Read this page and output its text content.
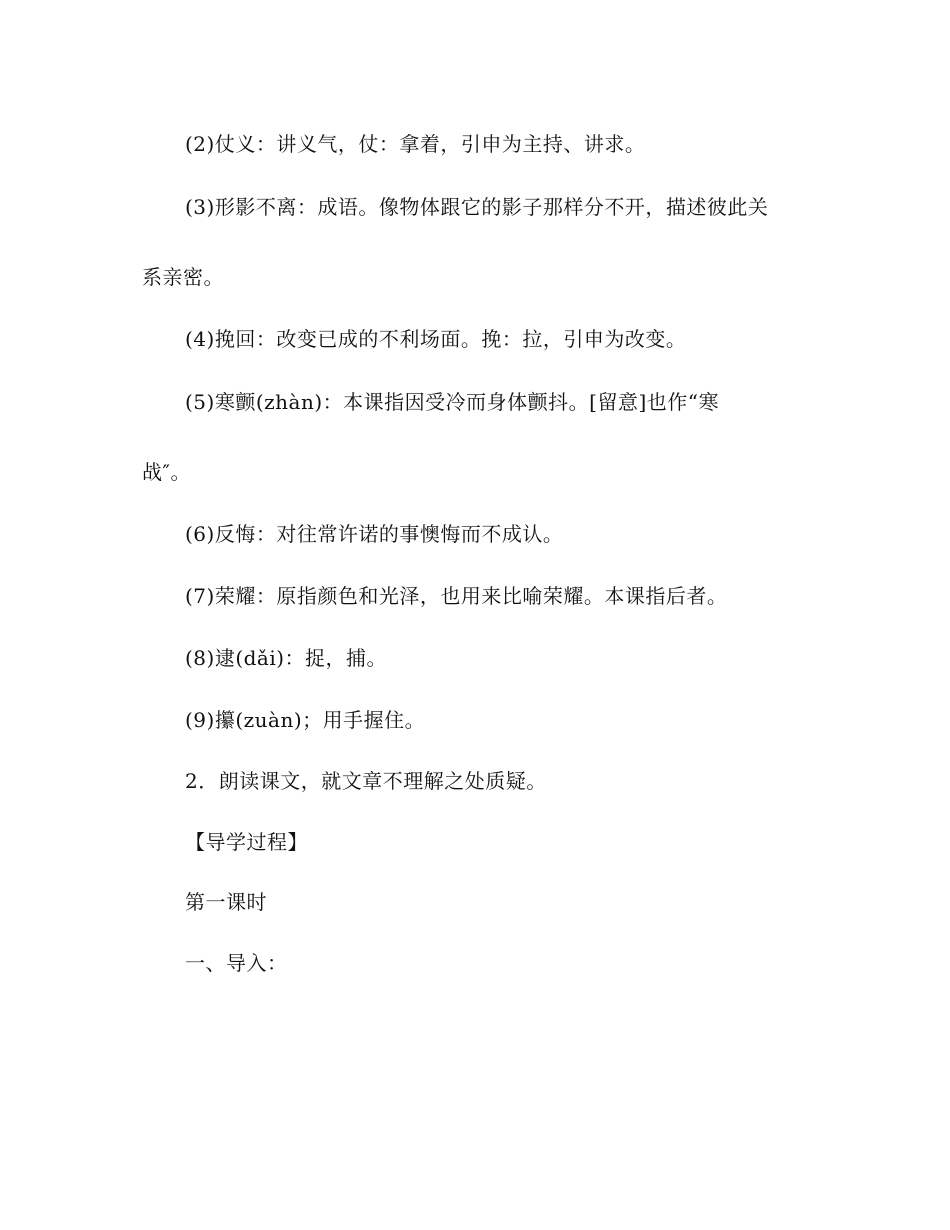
(2)仗义：讲义气，仗：拿着，引申为主持、讲求。
(3)形影不离：成语。像物体跟它的影子那样分不开，描述彼此关
系亲密。
(4)挽回：改变已成的不利场面。挽：拉，引申为改变。
(5)寒颤(zhàn)：本课指因受冷而身体颤抖。[留意]也作“寒
战″。
(6)反悔：对往常许诺的事懊悔而不成认。
(7)荣耀：原指颜色和光泽，也用来比喻荣耀。本课指后者。
(8)逮(dǎi)：捉，捕。
(9)攥(zuàn)；用手握住。
2．朗读课文，就文章不理解之处质疑。
【导学过程】
第一课时
一、导入：
